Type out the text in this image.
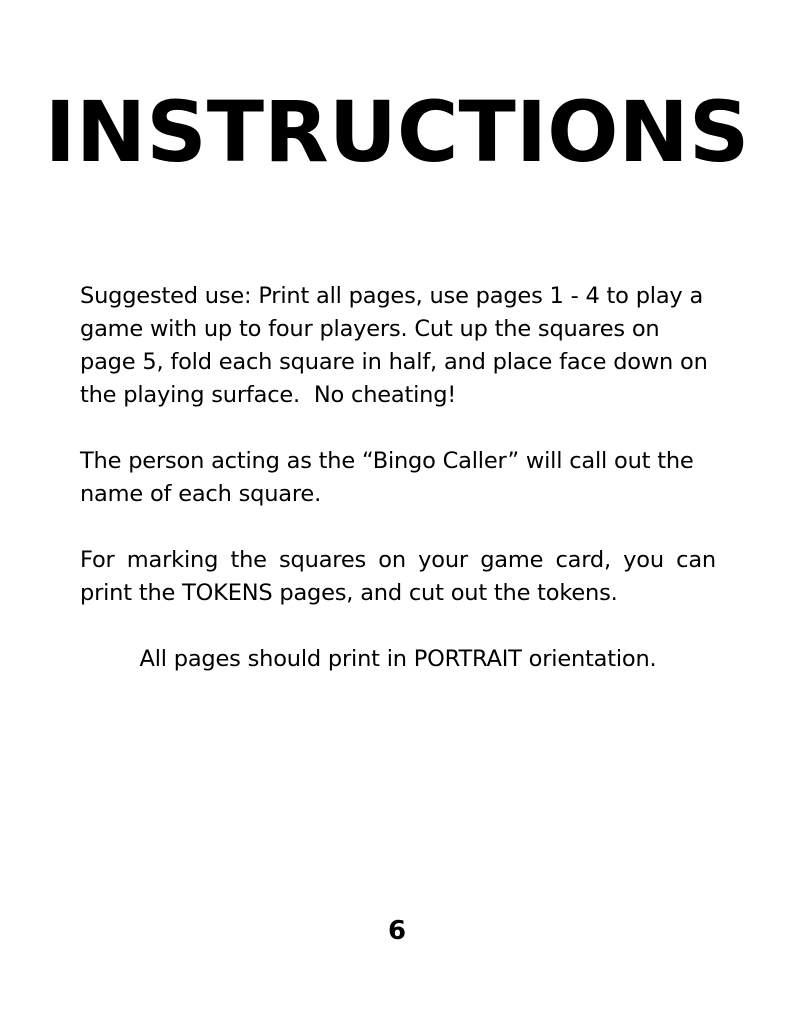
INSTRUCTIONS

Suggested use: Print all pages, use pages 1 - 4 to play a game with up to four players. Cut up the squares on page 5, fold each square in half, and place face down on the playing surface.  No cheating!

The person acting as the “Bingo Caller” will call out the name of each square.

For marking the squares on your game card, you can print the TOKENS pages, and cut out the tokens.

All pages should print in PORTRAIT orientation.

6
